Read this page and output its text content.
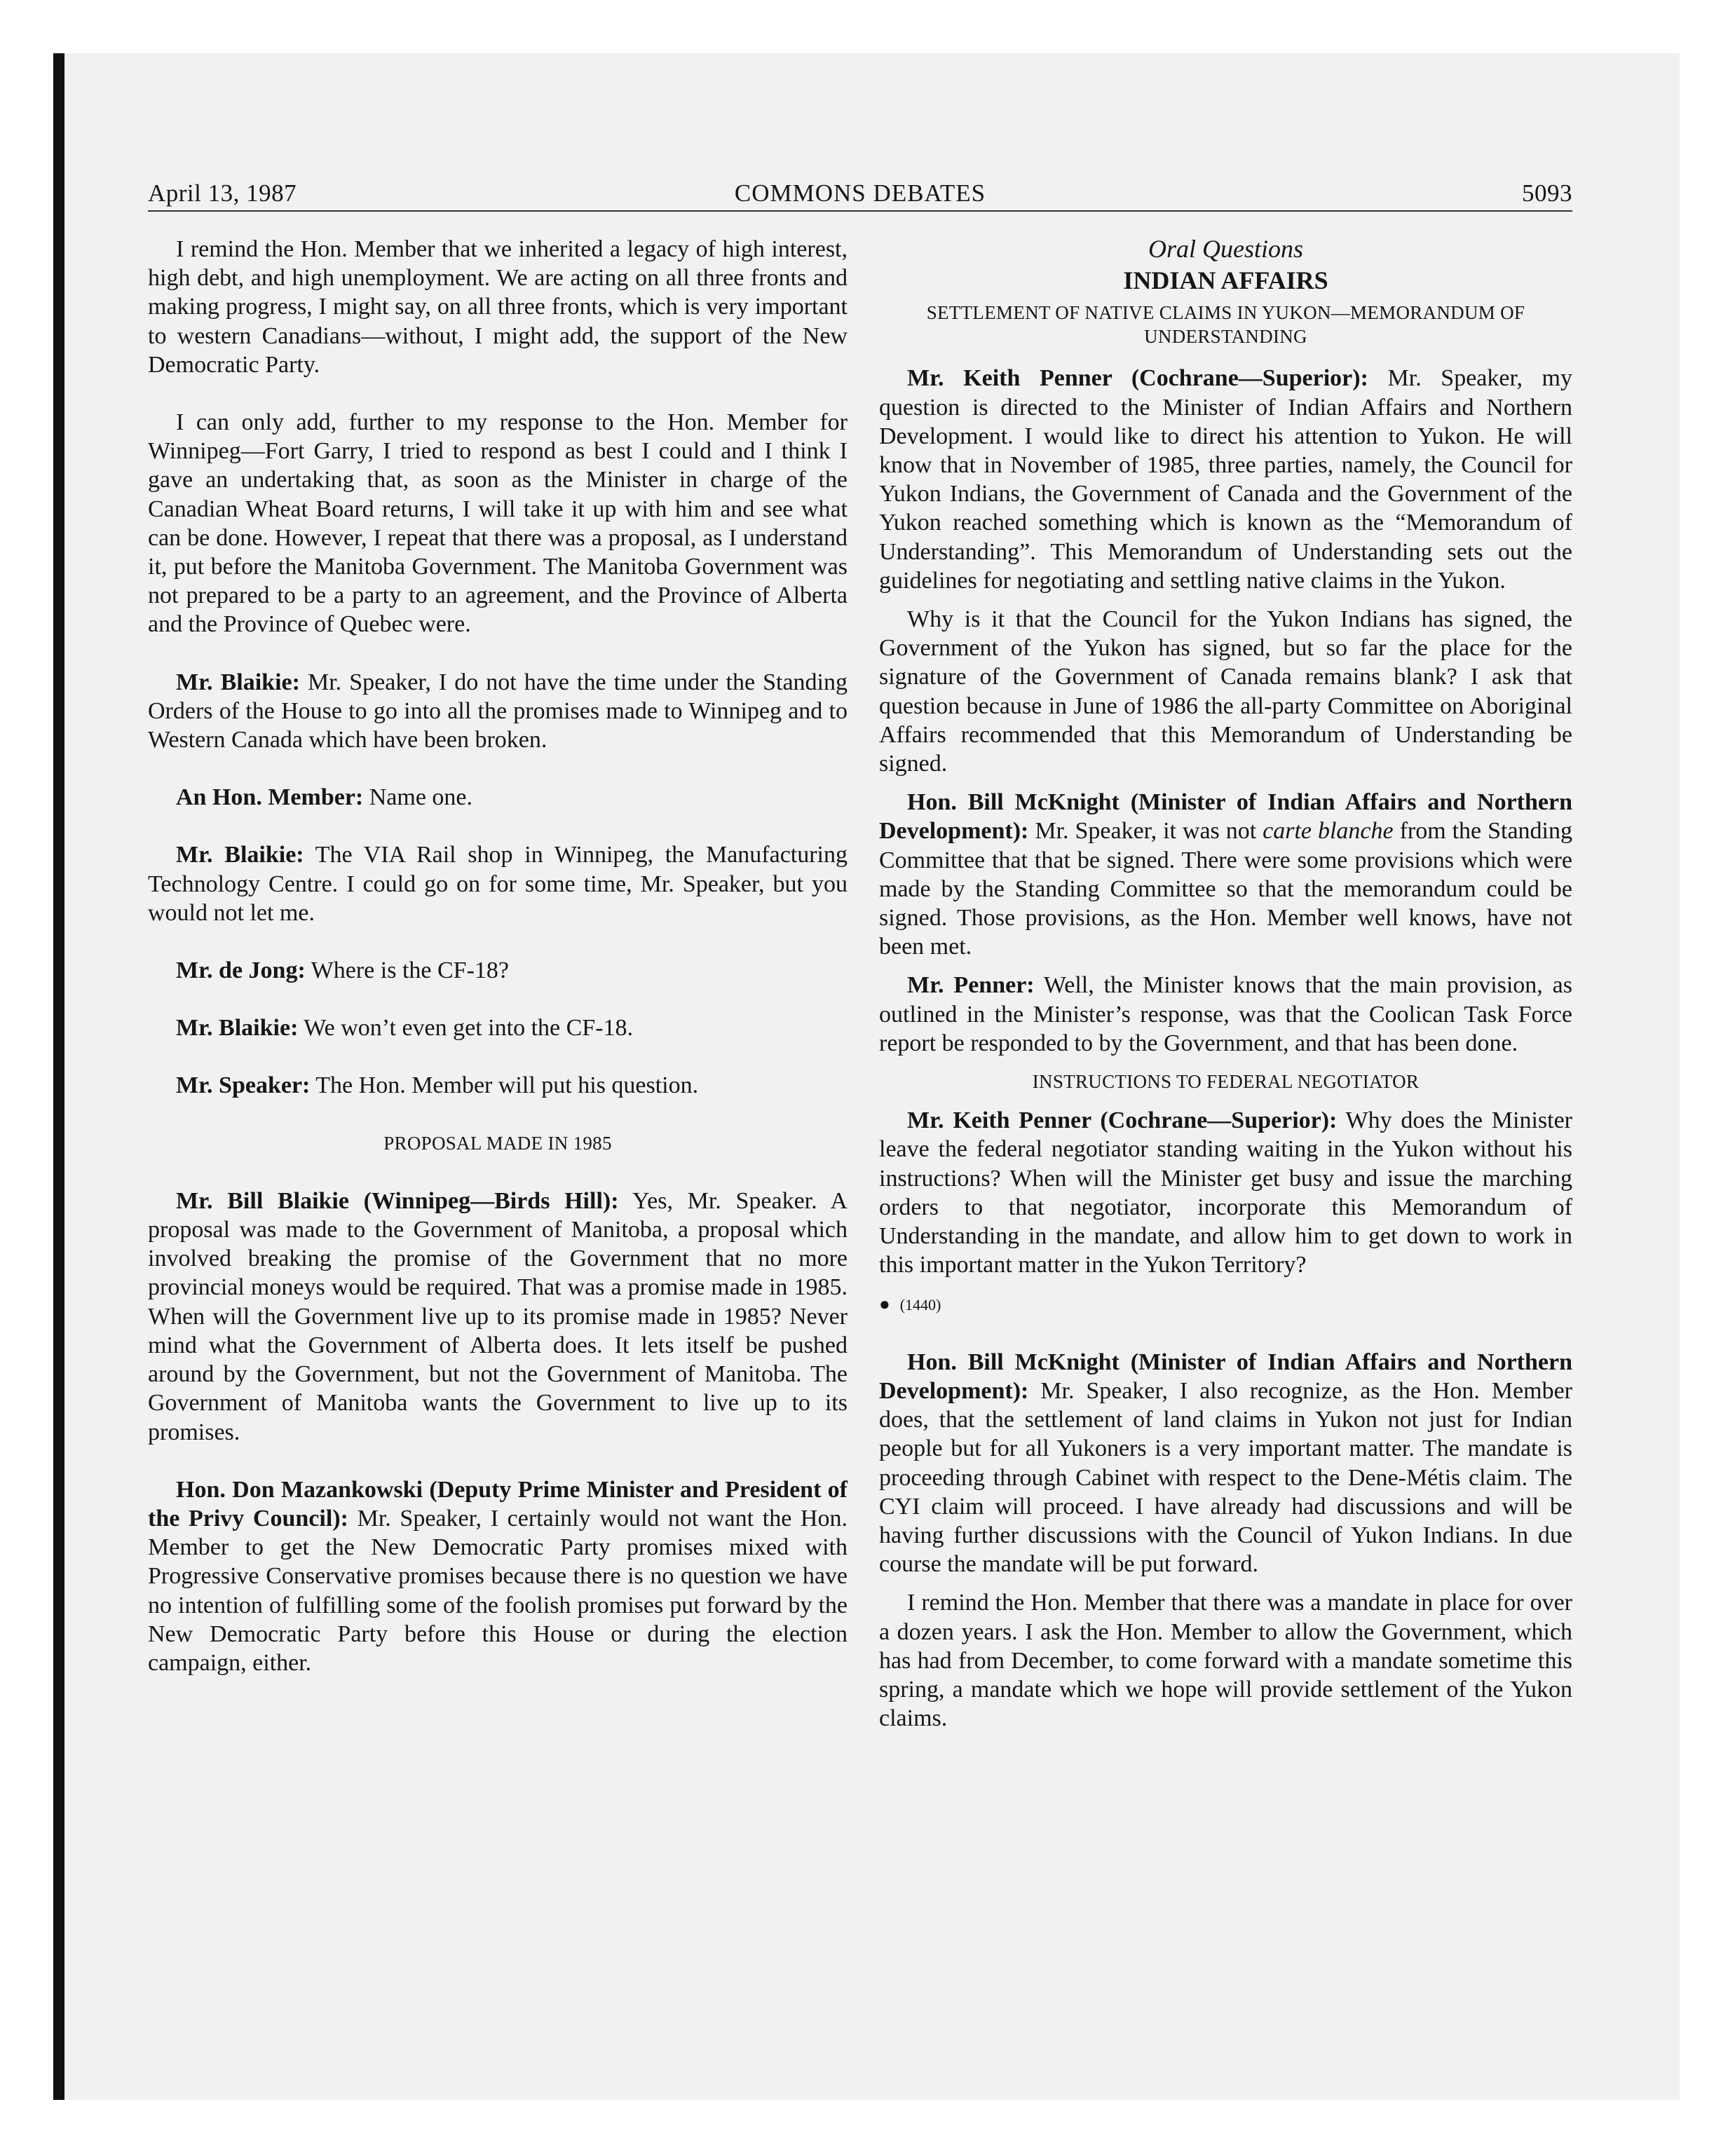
April 13, 1987	COMMONS DEBATES	5093

I remind the Hon. Member that we inherited a legacy of high interest, high debt, and high unemployment. We are acting on all three fronts and making progress, I might say, on all three fronts, which is very important to western Canadians—without, I might add, the support of the New Democratic Party.

I can only add, further to my response to the Hon. Member for Winnipeg—Fort Garry, I tried to respond as best I could and I think I gave an undertaking that, as soon as the Minister in charge of the Canadian Wheat Board returns, I will take it up with him and see what can be done. However, I repeat that there was a proposal, as I understand it, put before the Manitoba Government. The Manitoba Government was not prepared to be a party to an agreement, and the Province of Alberta and the Province of Quebec were.

Mr. Blaikie: Mr. Speaker, I do not have the time under the Standing Orders of the House to go into all the promises made to Winnipeg and to Western Canada which have been broken.

An Hon. Member: Name one.

Mr. Blaikie: The VIA Rail shop in Winnipeg, the Manufacturing Technology Centre. I could go on for some time, Mr. Speaker, but you would not let me.

Mr. de Jong: Where is the CF-18?

Mr. Blaikie: We won’t even get into the CF-18.

Mr. Speaker: The Hon. Member will put his question.

PROPOSAL MADE IN 1985

Mr. Bill Blaikie (Winnipeg—Birds Hill): Yes, Mr. Speaker. A proposal was made to the Government of Manitoba, a proposal which involved breaking the promise of the Government that no more provincial moneys would be required. That was a promise made in 1985. When will the Government live up to its promise made in 1985? Never mind what the Government of Alberta does. It lets itself be pushed around by the Government, but not the Government of Manitoba. The Government of Manitoba wants the Government to live up to its promises.

Hon. Don Mazankowski (Deputy Prime Minister and President of the Privy Council): Mr. Speaker, I certainly would not want the Hon. Member to get the New Democratic Party promises mixed with Progressive Conservative promises because there is no question we have no intention of fulfilling some of the foolish promises put forward by the New Democratic Party before this House or during the election campaign, either.

Oral Questions

INDIAN AFFAIRS

SETTLEMENT OF NATIVE CLAIMS IN YUKON—MEMORANDUM OF UNDERSTANDING

Mr. Keith Penner (Cochrane—Superior): Mr. Speaker, my question is directed to the Minister of Indian Affairs and Northern Development. I would like to direct his attention to Yukon. He will know that in November of 1985, three parties, namely, the Council for Yukon Indians, the Government of Canada and the Government of the Yukon reached something which is known as the “Memorandum of Understanding”. This Memorandum of Understanding sets out the guidelines for negotiating and settling native claims in the Yukon.

Why is it that the Council for the Yukon Indians has signed, the Government of the Yukon has signed, but so far the place for the signature of the Government of Canada remains blank? I ask that question because in June of 1986 the all-party Committee on Aboriginal Affairs recommended that this Memorandum of Understanding be signed.

Hon. Bill McKnight (Minister of Indian Affairs and Northern Development): Mr. Speaker, it was not carte blanche from the Standing Committee that that be signed. There were some provisions which were made by the Standing Committee so that the memorandum could be signed. Those provisions, as the Hon. Member well knows, have not been met.

Mr. Penner: Well, the Minister knows that the main provision, as outlined in the Minister’s response, was that the Coolican Task Force report be responded to by the Government, and that has been done.

INSTRUCTIONS TO FEDERAL NEGOTIATOR

Mr. Keith Penner (Cochrane—Superior): Why does the Minister leave the federal negotiator standing waiting in the Yukon without his instructions? When will the Minister get busy and issue the marching orders to that negotiator, incorporate this Memorandum of Understanding in the mandate, and allow him to get down to work in this important matter in the Yukon Territory?

● (1440)

Hon. Bill McKnight (Minister of Indian Affairs and Northern Development): Mr. Speaker, I also recognize, as the Hon. Member does, that the settlement of land claims in Yukon not just for Indian people but for all Yukoners is a very important matter. The mandate is proceeding through Cabinet with respect to the Dene-Métis claim. The CYI claim will proceed. I have already had discussions and will be having further discussions with the Council of Yukon Indians. In due course the mandate will be put forward.

I remind the Hon. Member that there was a mandate in place for over a dozen years. I ask the Hon. Member to allow the Government, which has had from December, to come forward with a mandate sometime this spring, a mandate which we hope will provide settlement of the Yukon claims.
